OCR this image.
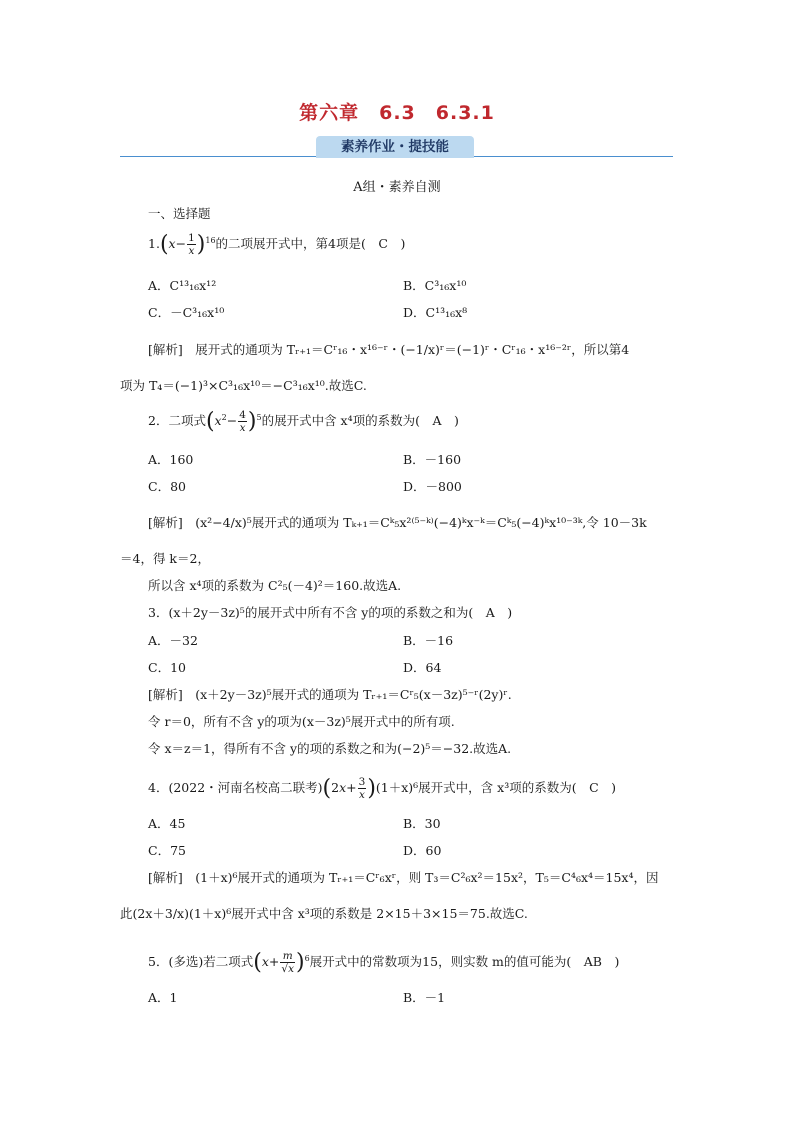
第六章　6.3　6.3.1
素养作业・提技能
A组・素养自测
一、选择题
$1.(x- \frac{1}{x} )^{16}$的二项展开式中，第4项是(　C　)
A．C¹³₁₆x¹²	B．C³₁₆x¹⁰
C．－C³₁₆x¹⁰	D．C¹³₁₆x⁸
[解析]　展开式的通项为 Tᵣ₊₁＝Cʳ₁₆・x¹⁶⁻ʳ・(−1/x)ʳ＝(−1)ʳ・Cʳ₁₆・x¹⁶⁻²ʳ，所以第4
项为 T₄＝(−1)³×C³₁₆x¹⁰＝−C³₁₆x¹⁰.故选C.
2．二项式$(x^2- \frac{4}{x} )^5$的展开式中含 x⁴项的系数为(　A　)
A．160	B．－160
C．80	D．－800
[解析]　(x²−4/x)⁵展开式的通项为 Tₖ₊₁＝Cᵏ₅x²⁽⁵⁻ᵏ⁾(−4)ᵏx⁻ᵏ＝Cᵏ₅(−4)ᵏx¹⁰⁻³ᵏ,令 10－3k
＝4，得 k＝2，
所以含 x⁴项的系数为 C²₅(－4)²＝160.故选A.
3．(x＋2y－3z)⁵的展开式中所有不含 y的项的系数之和为(　A　)
A．－32	B．－16
C．10	D．64
[解析]　(x＋2y－3z)⁵展开式的通项为 Tᵣ₊₁＝Cʳ₅(x－3z)⁵⁻ʳ(2y)ʳ.
令 r＝0，所有不含 y的项为(x－3z)⁵展开式中的所有项.
令 x＝z＝1，得所有不含 y的项的系数之和为(−2)⁵＝−32.故选A.
4．(2022・河南名校高二联考)$(2x+ \frac{3}{x} )(1+x)^6$展开式中，含 x³项的系数为(　C　)
A．45	B．30
C．75	D．60
[解析]　(1＋x)⁶展开式的通项为 Tᵣ₊₁＝Cʳ₆xʳ，则 T₃＝C²₆x²＝15x²，T₅＝C⁴₆x⁴＝15x⁴，因
此(2x＋3/x)(1＋x)⁶展开式中含 x³项的系数是 2×15＋3×15＝75.故选C.
5．(多选)若二项式$(x+ \frac{m}{√x} )^6$展开式中的常数项为15，则实数 m的值可能为(　AB　)
A．1	B．－1
